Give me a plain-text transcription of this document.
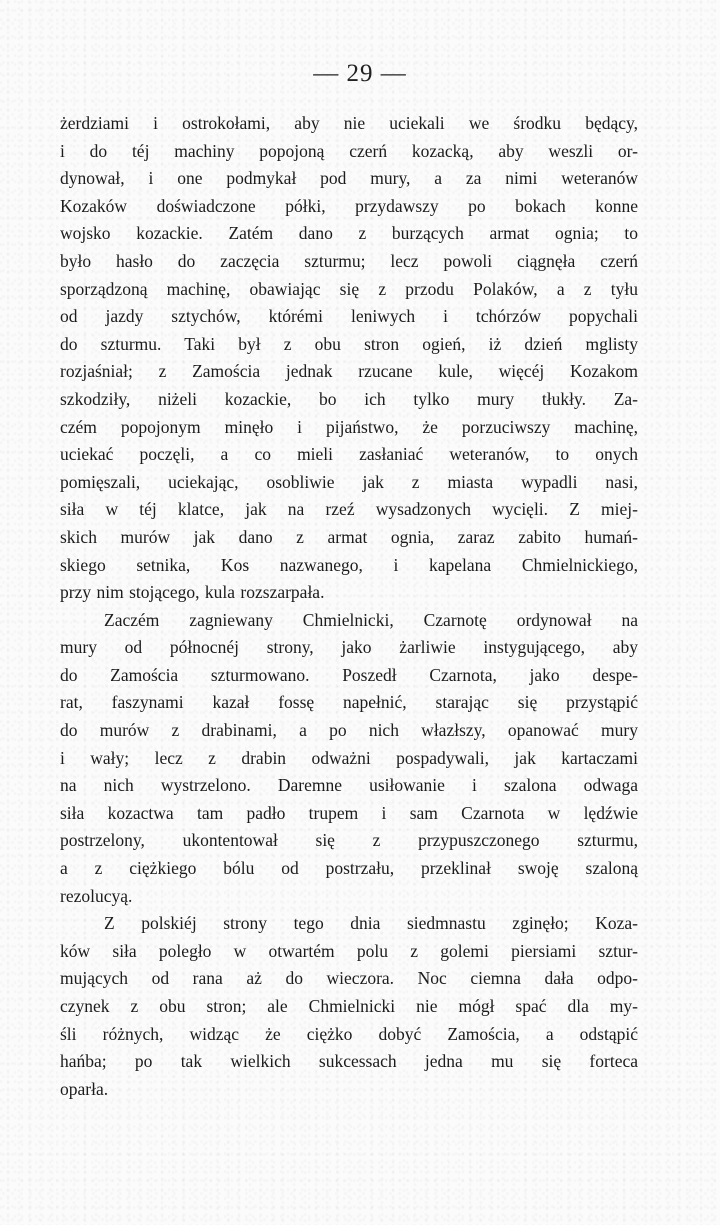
— 29 —
żerdziami i ostrokołami, aby nie uciekali we środku będący,
i do téj machiny popojoną czerń kozacką, aby weszli or-
dynował, i one podmykał pod mury, a za nimi weteranów
Kozaków doświadczone półki, przydawszy po bokach konne
wojsko kozackie. Zatém dano z burzących armat ognia; to
było hasło do zaczęcia szturmu; lecz powoli ciągnęła czerń
sporządzoną machinę, obawiając się z przodu Polaków, a z tyłu
od jazdy sztychów, którémi leniwych i tchórzów popychali
do szturmu. Taki był z obu stron ogień, iż dzień mglisty
rozjaśniał; z Zamościa jednak rzucane kule, więcéj Kozakom
szkodziły, niżeli kozackie, bo ich tylko mury tłukły. Za-
czém popojonym minęło i pijaństwo, że porzuciwszy machinę,
uciekać poczęli, a co mieli zasłaniać weteranów, to onych
pomięszali, uciekając, osobliwie jak z miasta wypadli nasi,
siła w téj klatce, jak na rzeź wysadzonych wycięli. Z miej-
skich murów jak dano z armat ognia, zaraz zabito humań-
skiego setnika, Kos nazwanego, i kapelana Chmielnickiego,
przy nim stojącego, kula rozszarpała.
Zaczém zagniewany Chmielnicki, Czarnotę ordynował na
mury od północnéj strony, jako żarliwie instygującego, aby
do Zamościa szturmowano. Poszedł Czarnota, jako despe-
rat, faszynami kazał fossę napełnić, starając się przystąpić
do murów z drabinami, a po nich włazłszy, opanować mury
i wały; lecz z drabin odważni pospadywali, jak kartaczami
na nich wystrzelono. Daremne usiłowanie i szalona odwaga
siła kozactwa tam padło trupem i sam Czarnota w lędźwie
postrzelony, ukontentował się z przypuszczonego szturmu,
a z ciężkiego bólu od postrzału, przeklinał swoję szaloną
rezolucyą.
Z polskiéj strony tego dnia siedmnastu zginęło; Koza-
ków siła poległo w otwartém polu z golemi piersiami sztur-
mujących od rana aż do wieczora. Noc ciemna dała odpo-
czynek z obu stron; ale Chmielnicki nie mógł spać dla my-
śli różnych, widząc że ciężko dobyć Zamościa, a odstąpić
hańba; po tak wielkich sukcessach jedna mu się forteca
oparła.
